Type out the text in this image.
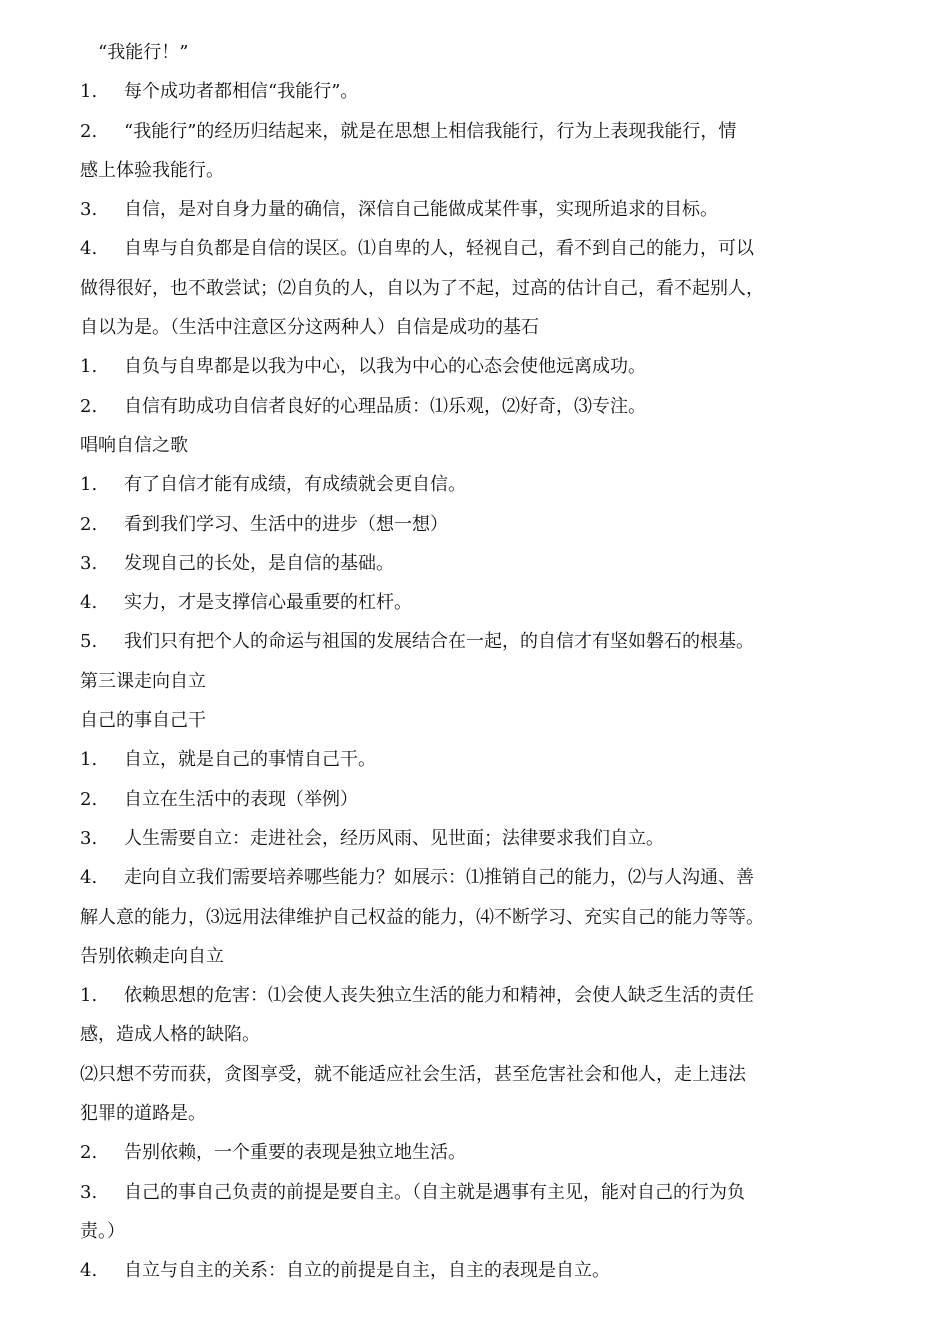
“我能行！”
1. 每个成功者都相信“我能行”。
2. “我能行”的经历归结起来，就是在思想上相信我能行，行为上表现我能行，情
感上体验我能行。
3. 自信，是对自身力量的确信，深信自己能做成某件事，实现所追求的目标。
4. 自卑与自负都是自信的误区。⑴自卑的人，轻视自己，看不到自己的能力，可以
做得很好，也不敢尝试；⑵自负的人，自以为了不起，过高的估计自己，看不起别人，
自以为是。（生活中注意区分这两种人）自信是成功的基石
1. 自负与自卑都是以我为中心，以我为中心的心态会使他远离成功。
2. 自信有助成功自信者良好的心理品质：⑴乐观，⑵好奇，⑶专注。
唱响自信之歌
1. 有了自信才能有成绩，有成绩就会更自信。
2. 看到我们学习、生活中的进步（想一想）
3. 发现自己的长处，是自信的基础。
4. 实力，才是支撑信心最重要的杠杆。
5. 我们只有把个人的命运与祖国的发展结合在一起，的自信才有坚如磐石的根基。
第三课走向自立
自己的事自己干
1. 自立，就是自己的事情自己干。
2. 自立在生活中的表现（举例）
3. 人生需要自立：走进社会，经历风雨、见世面；法律要求我们自立。
4. 走向自立我们需要培养哪些能力？如展示：⑴推销自己的能力，⑵与人沟通、善
解人意的能力，⑶远用法律维护自己权益的能力，⑷不断学习、充实自己的能力等等。
告别依赖走向自立
1. 依赖思想的危害：⑴会使人丧失独立生活的能力和精神，会使人缺乏生活的责任
感，造成人格的缺陷。
⑵只想不劳而获，贪图享受，就不能适应社会生活，甚至危害社会和他人，走上违法
犯罪的道路是。
2. 告别依赖，一个重要的表现是独立地生活。
3. 自己的事自己负责的前提是要自主。（自主就是遇事有主见，能对自己的行为负
责。）
4. 自立与自主的关系：自立的前提是自主，自主的表现是自立。
